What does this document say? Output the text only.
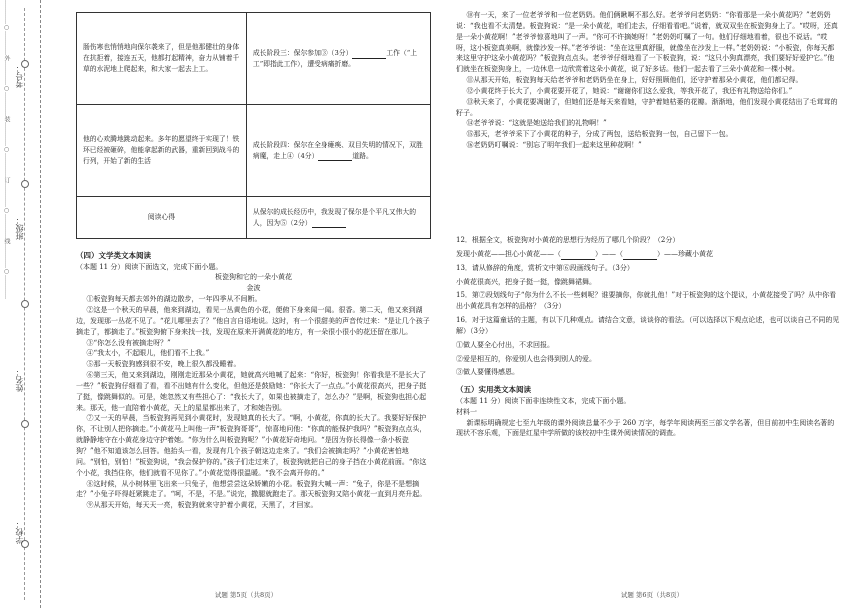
考号：
班级：
姓名：
学校：
…………○…………外…………○…………装…………○…………订…………○…………线…………○…………	肠伤寒也悄悄地向保尔袭来了，但是他那健壮的身体在抗拒着，接连五天，他都打起精神，奋力从铺着千草的水泥地上爬起来，和大家一起去上工。	成长阶段三：保尔参加③（3分） 工作（“上工”即指此工作），遭受病痛折磨。
他的心欢腾地跳动起来。多年的愿望终于实现了！铁环已经被砸碎，他能拿起新的武器，重新回到战斗的行列，开始了新的生活	成长阶段四：保尔在全身瘫痪、双目失明的情况下，双胜病魔，走上④（4分） 道路。
阅读心得	从保尔的成长经历中，我发现了保尔是个平凡又伟大的人，因为⑤（2分）

（四）文学类文本阅读

（本题 11 分）阅读下面选文，完成下面小题。

板瓷狗和它的一朵小黄花

金波

①板瓷狗每天都去郊外的湖边散步，一年四季从不间断。

②这是一个秋天的早晨，他来到湖边，看见一丛黄色的小花，便俯下身来闻一闻。很香。第二天，他又来到湖边，发现那一丛花不见了。“花儿哪里去了？”他自言自语地说。这时，有一个很甜美的声音传过来：“是让几个孩子摘走了，都摘走了。”板瓷狗俯下身来找一找，发现在原来开满黄花的地方，有一朵很小很小的花还留在那儿。

③“你怎么没有被摘走呀？”

④“我太小，不起眼儿，他们看不上我。”

⑤那一天板瓷狗感到很不安，晚上很久都没睡着。

⑥第三天，他又来到湖边，刚刚走近那朵小黄花，她就高兴地喊了起来：“你好，板瓷狗！你看我是不是长大了一些？”板瓷狗仔细看了看，看不出她有什么变化，但他还是鼓励她：“你长大了一点点。”小黄花很高兴，把身子挺了挺，像跳舞似的。可是，她忽然又有些担心了：“我长大了，如果也被摘走了，怎么办？”是啊，板瓷狗也担心起来。那天，他一直陪着小黄花，天上的星星都出来了，才和她告别。

⑦又一天的早晨，当板瓷狗再见到小黄花时，发现她真的长大了。“啊，小黄花，你真的长大了。我要好好保护你，不让别人把你摘走。”小黄花马上叫他一声“板瓷狗哥哥”，惊喜地问他：“你真的能保护我吗？”板瓷狗点点头，就静静地守在小黄花身边守护着她。“你为什么叫板瓷狗呢？”小黄花好奇地问。“是因为你长得像一条小板瓷狗？”他不知道该怎么回答。他抬头一看，发现有几个孩子朝这边走来了。“我们会被摘走吗？”小黄花害怕地问。“别怕，别怕！”板瓷狗说，“我会保护你的。”孩子们走过来了，板瓷狗就把自己的身子挡在小黄花前面。“你这个小花，我挡住你，他们就看不见你了。”小黄花觉得很温暖。“我不会离开你的。”

⑧这时候，从小树林里飞出来一只兔子，他想尝尝这朵娇嫩的小花。板瓷狗大喊一声：“兔子，你是不是想摘走？”小兔子吓得赶紧跳走了。“呵，不是，不是。”说完，撒腿就跑走了。那天板瓷狗又陪小黄花一直到月亮升起。

⑨从那天开始，每天天一亮，板瓷狗就来守护着小黄花，天黑了，才回家。

试题 第5页（共8页）

⑩有一天，来了一位老爷爷和一位老奶奶。他们俩瞅啊不那么好。老爷爷问老奶奶：“你看那是一朵小黄花吗？”老奶奶说：“我也看不太清楚。板瓷狗说：“是一朵小黄花，咱们走去，仔细看看吧。”说着，就双双坐在板瓷狗身上了。“哎呀，还真是一朵小黄花啊！”老爷爷惊喜地叫了一声。“你可不许摘她呀！”老奶奶叮嘱了一句。他们仔细地看着，很也不说话。“哎呀，这小板瓷真美啊，就像沙发一样。”老爷爷说：“坐在这里真舒服，就像坐在沙发上一样。”老奶奶说：“小板瓷，你每天都来这里守护这朵小黄花吗？”板瓷狗点点头。老爷爷仔细地看了一下板瓷狗，说：“这只小狗真漂亮，我们要好好爱护它。”他们就坐在板瓷狗身上，一边休息一边欣赏着这朵小黄花，说了好多话。他们一起去看了三朵小黄花和一棵小树。

⑪从那天开始，板瓷狗每天给老爷爷和老奶奶坐在身上，好好照顾他们，还守护着那朵小黄花，他们都记得。

⑫小黄花终于长大了，小黄花要开花了，她说：“谢谢你们这么爱我，等我开花了，我还有礼物送给你们。”

⑬秋天来了，小黄花要凋谢了，但她们还是每天来看她，守护着她枯萎的花瓣。渐渐地，他们发现小黄花结出了毛茸茸的籽子。

⑭老爷爷说：“这就是她送给我们的礼物啊！”

⑮那天，老爷爷采下了小黄花的种子，分成了两包，送给板瓷狗一包，自己留下一包。

⑯老奶奶叮嘱说：“别忘了明年我们一起来这里种花啊！”

12．根据全文，板瓷狗对小黄花的思想行为经历了哪几个阶段？（2分）

发现小黄花——担心小黄花——（	）——（	）——珍藏小黄花

13．请从修辞的角度，赏析文中第⑥段画线句子。（3分）

小黄花很高兴，把身子挺一挺，像跳舞裙舞。

15．第⑦段划线句子“你为什么不长一些刺呢？谁要摘你，你就扎他！”对于板瓷狗的这个提议，小黄花接受了吗？从中你看出小黄花具有怎样的品格？（3分）

16．对于这篇童话的主题，有以下几种观点。请结合文意，谈谈你的看法。（可以选择以下观点论述，也可以谈自己不同的见解）（3分）

①做人要全心付出，不求回报。

②爱是相互的，你爱别人也会得到别人的爱。

③做人要懂得感恩。

（五）实用类文本阅读

（本题 11 分）阅读下面非连续性文本，完成下面小题。

材料一

新课标明确规定七至九年级的课外阅读总量不少于 260 万字，每学年阅读两至三部文学名著，但目前初中生阅读名著的现状不容乐观，下面是红星中学所做的该校初中生课外阅读情况的调查。

试题 第6页（共8页）
